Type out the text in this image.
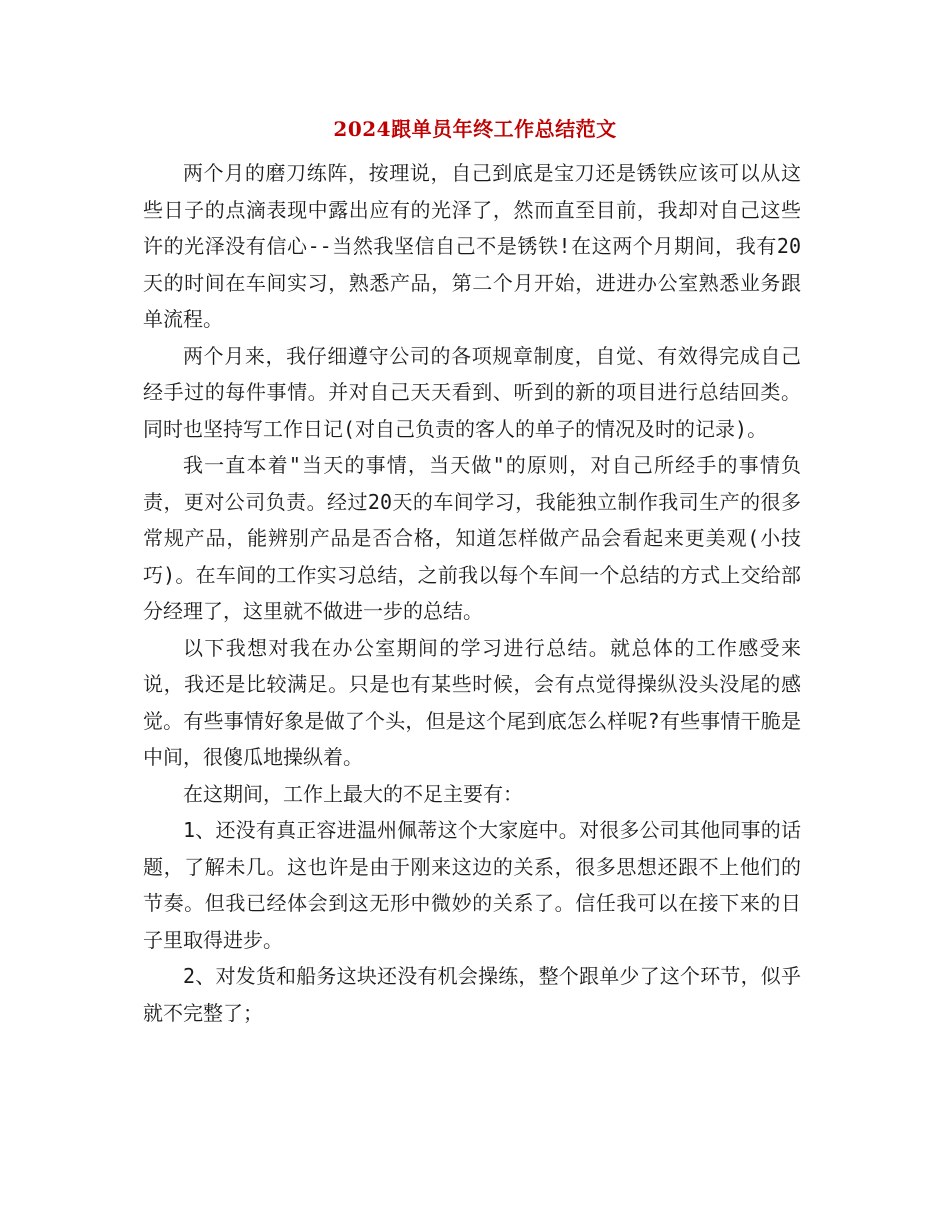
2024跟单员年终工作总结范文

两个月的磨刀练阵，按理说，自己到底是宝刀还是锈铁应该可以从这些日子的点滴表现中露出应有的光泽了，然而直至目前，我却对自己这些许的光泽没有信心--当然我坚信自己不是锈铁!在这两个月期间，我有20天的时间在车间实习，熟悉产品，第二个月开始，进进办公室熟悉业务跟单流程。

两个月来，我仔细遵守公司的各项规章制度，自觉、有效得完成自己经手过的每件事情。并对自己天天看到、听到的新的项目进行总结回类。同时也坚持写工作日记(对自己负责的客人的单子的情况及时的记录)。

我一直本着"当天的事情，当天做"的原则，对自己所经手的事情负责，更对公司负责。经过20天的车间学习，我能独立制作我司生产的很多常规产品，能辨别产品是否合格，知道怎样做产品会看起来更美观(小技巧)。在车间的工作实习总结，之前我以每个车间一个总结的方式上交给部分经理了，这里就不做进一步的总结。

以下我想对我在办公室期间的学习进行总结。就总体的工作感受来说，我还是比较满足。只是也有某些时候，会有点觉得操纵没头没尾的感觉。有些事情好象是做了个头，但是这个尾到底怎么样呢?有些事情干脆是中间，很傻瓜地操纵着。

在这期间，工作上最大的不足主要有：

1、还没有真正容进温州佩蒂这个大家庭中。对很多公司其他同事的话题，了解未几。这也许是由于刚来这边的关系，很多思想还跟不上他们的节奏。但我已经体会到这无形中微妙的关系了。信任我可以在接下来的日子里取得进步。

2、对发货和船务这块还没有机会操练，整个跟单少了这个环节，似乎就不完整了；
